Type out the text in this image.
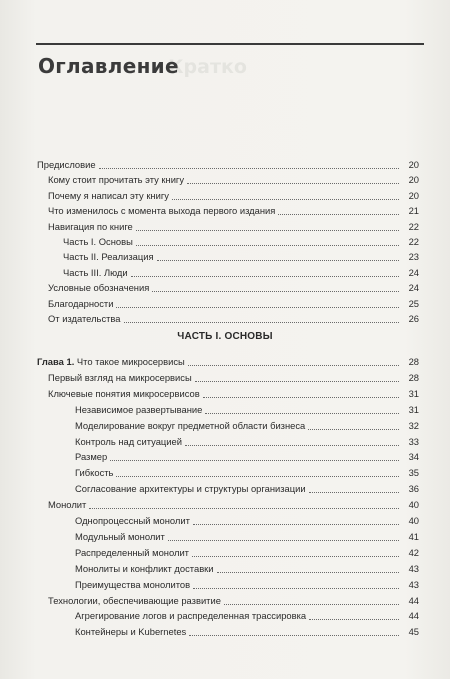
Кратко
Оглавление
ЧАСТЬ I. ОСНОВЫ
Предисловие	20
Кому стоит прочитать эту книгу	20
Почему я написал эту книгу	20
Что изменилось с момента выхода первого издания	21
Навигация по книге	22
Часть I. Основы	22
Часть II. Реализация	23
Часть III. Люди	24
Условные обозначения	24
Благодарности	25
От издательства	26
Глава 1. Что такое микросервисы	28
Первый взгляд на микросервисы	28
Ключевые понятия микросервисов	31
Независимое развертывание	31
Моделирование вокруг предметной области бизнеса	32
Контроль над ситуацией	33
Размер	34
Гибкость	35
Согласование архитектуры и структуры организации	36
Монолит	40
Однопроцессный монолит	40
Модульный монолит	41
Распределенный монолит	42
Монолиты и конфликт доставки	43
Преимущества монолитов	43
Технологии, обеспечивающие развитие	44
Агрегирование логов и распределенная трассировка	44
Контейнеры и Kubernetes	45
